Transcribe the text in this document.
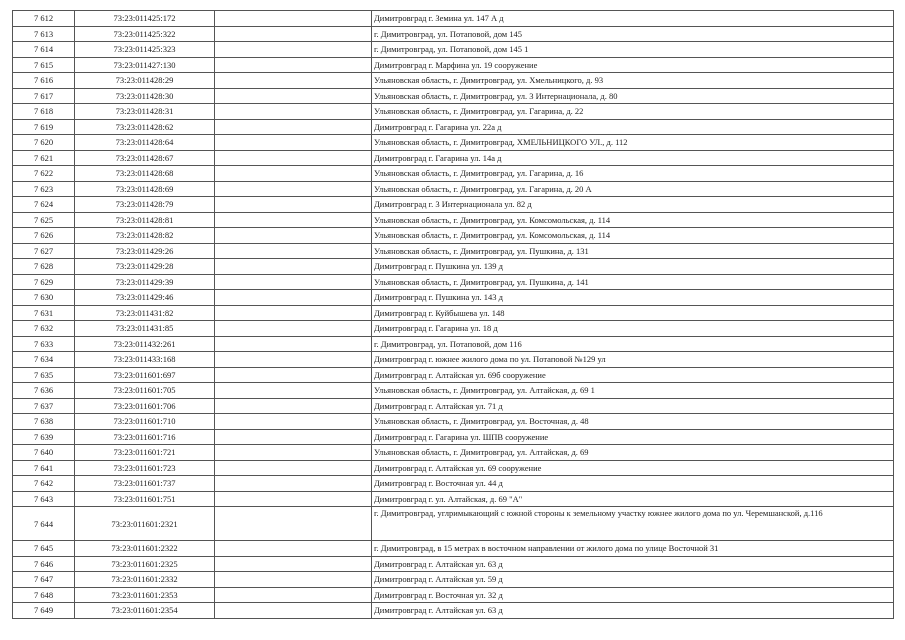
7 612	73:23:011425:172		Димитровград г. Земина ул. 147 А д
7 613	73:23:011425:322		г. Димитровград, ул. Потаповой, дом 145
7 614	73:23:011425:323		г. Димитровград, ул. Потаповой, дом 145 1
7 615	73:23:011427:130		Димитровград г. Марфина ул. 19 сооружение
7 616	73:23:011428:29		Ульяновская область, г. Димитровград, ул. Хмельницкого, д. 93
7 617	73:23:011428:30		Ульяновская область, г. Димитровград, ул. 3 Интернационала, д. 80
7 618	73:23:011428:31		Ульяновская область, г. Димитровград, ул. Гагарина, д. 22
7 619	73:23:011428:62		Димитровград г. Гагарина ул. 22а д
7 620	73:23:011428:64		Ульяновская область, г. Димитровград, ХМЕЛЬНИЦКОГО УЛ., д. 112
7 621	73:23:011428:67		Димитровград г. Гагарина ул. 14а д
7 622	73:23:011428:68		Ульяновская область, г. Димитровград, ул. Гагарина, д. 16
7 623	73:23:011428:69		Ульяновская область, г. Димитровград, ул. Гагарина, д. 20 А
7 624	73:23:011428:79		Димитровград г. 3 Интернационала ул. 82 д
7 625	73:23:011428:81		Ульяновская область, г. Димитровград, ул. Комсомольская, д. 114
7 626	73:23:011428:82		Ульяновская область, г. Димитровград, ул. Комсомольская, д. 114
7 627	73:23:011429:26		Ульяновская область, г. Димитровград, ул. Пушкина, д. 131
7 628	73:23:011429:28		Димитровград г. Пушкина ул. 139 д
7 629	73:23:011429:39		Ульяновская область, г. Димитровград, ул. Пушкина, д. 141
7 630	73:23:011429:46		Димитровград г. Пушкина ул. 143 д
7 631	73:23:011431:82		Димитровград г. Куйбышева ул. 148
7 632	73:23:011431:85		Димитровград г. Гагарина ул. 18 д
7 633	73:23:011432:261		г. Димитровград, ул. Потаповой, дом 116
7 634	73:23:011433:168		Димитровград г. южнее жилого дома по ул. Потаповой №129 ул
7 635	73:23:011601:697		Димитровград г. Алтайская ул. 69б сооружение
7 636	73:23:011601:705		Ульяновская область, г. Димитровград, ул. Алтайская, д. 69 1
7 637	73:23:011601:706		Димитровград г. Алтайская ул. 71 д
7 638	73:23:011601:710		Ульяновская область, г. Димитровград, ул. Восточная, д. 48
7 639	73:23:011601:716		Димитровград г. Гагарина ул. ШПВ сооружение
7 640	73:23:011601:721		Ульяновская область, г. Димитровград, ул. Алтайская, д. 69
7 641	73:23:011601:723		Димитровград г. Алтайская ул. 69 сооружение
7 642	73:23:011601:737		Димитровград г. Восточная ул. 44 д
7 643	73:23:011601:751		Димитровград г. ул. Алтайская, д. 69 "А"
7 644	73:23:011601:2321		г. Димитровград, углримыкающий с южной стороны к земельному участку южнее жилого дома по ул. Черемшанской, д.116
7 645	73:23:011601:2322		г. Димитровград, в 15 метрах в восточном направлении от жилого дома по улице Восточной 31
7 646	73:23:011601:2325		Димитровград г. Алтайская ул. 63 д
7 647	73:23:011601:2332		Димитровград г. Алтайская ул. 59 д
7 648	73:23:011601:2353		Димитровград г. Восточная ул. 32 д
7 649	73:23:011601:2354		Димитровград г. Алтайская ул. 63 д
